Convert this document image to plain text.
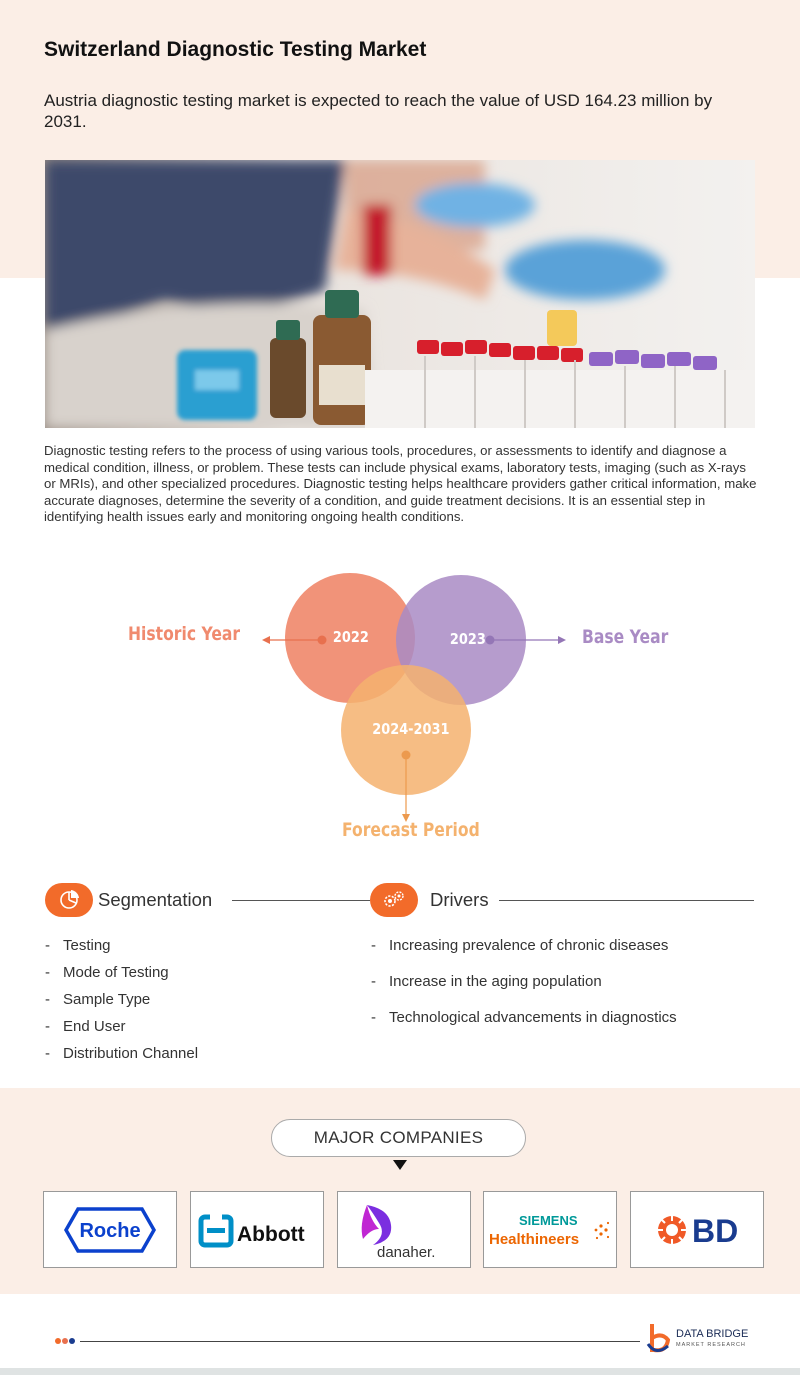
Switzerland Diagnostic Testing Market

Austria diagnostic testing market is expected to reach the value of USD 164.23 million by 2031.

Diagnostic testing refers to the process of using various tools, procedures, or assessments to identify and diagnose a medical condition, illness, or problem. These tests can include physical exams, laboratory tests, imaging (such as X-rays or MRIs), and other specialized procedures. Diagnostic testing helps healthcare providers gather critical information, make accurate diagnoses, determine the severity of a condition, and guide treatment decisions. It is an essential step in identifying health issues early and monitoring ongoing health conditions.

Historic Year	Base Year
Forecast Period
2022	2023
2024-2031
Segmentation
- Testing
- Mode of Testing
- Sample Type
- End User
- Distribution Channel
Drivers
- Increasing prevalence of chronic diseases
- Increase in the aging population
- Technological advancements in diagnostics
MAJOR COMPANIES
Roche	Abbott
danaher.
SIEMENS
Healthineers	BD
DATA BRIDGE
MARKET RESEARCH
